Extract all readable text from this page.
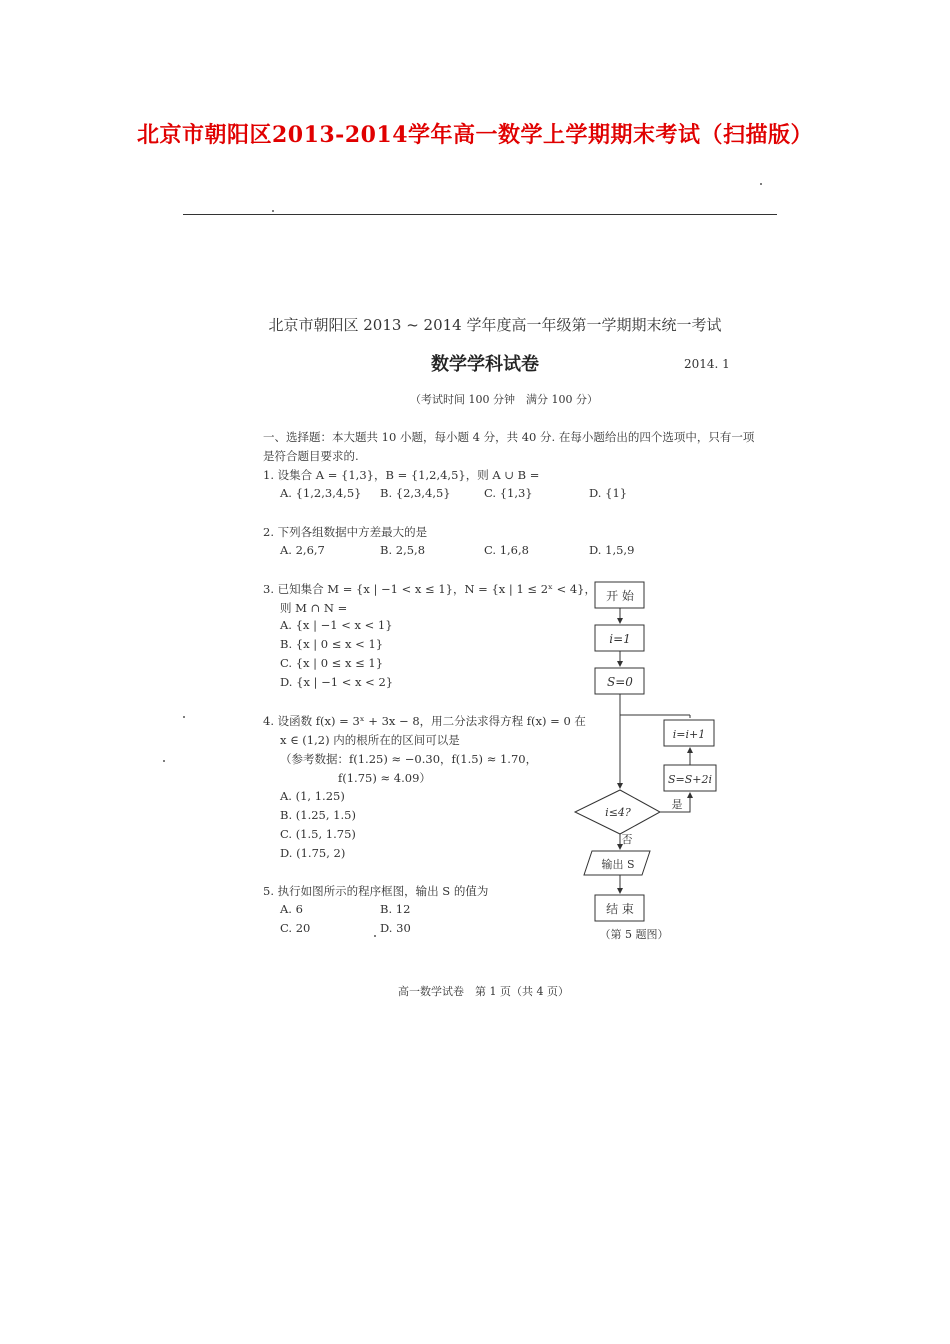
北京市朝阳区2013-2014学年高一数学上学期期末考试（扫描版）
北京市朝阳区 2013 ~ 2014 学年度高一年级第一学期期末统一考试
数学学科试卷	2014. 1
（考试时间 100 分钟　满分 100 分）
一、选择题：本大题共 10 小题，每小题 4 分，共 40 分. 在每小题给出的四个选项中，只有一项
是符合题目要求的.
1. 设集合 A = {1,3}，B = {1,2,4,5}，则 A ∪ B =
A. {1,2,3,4,5} B. {2,3,4,5}	C. {1,3}	D. {1}
2. 下列各组数据中方差最大的是
A. 2,6,7	B. 2,5,8	C. 1,6,8	D. 1,5,9
3. 已知集合 M = {x | −1 < x ≤ 1}，N = {x | 1 ≤ 2ˣ < 4}，
则 M ∩ N =
A. {x | −1 < x < 1}
B. {x | 0 ≤ x < 1}
C. {x | 0 ≤ x ≤ 1}
D. {x | −1 < x < 2}
4. 设函数 f(x) = 3ˣ + 3x − 8，用二分法求得方程 f(x) = 0 在
x ∈ (1,2) 内的根所在的区间可以是
（参考数据：f(1.25) ≈ −0.30，f(1.5) ≈ 1.70，
f(1.75) ≈ 4.09）
A. (1, 1.25)
B. (1.25, 1.5)
C. (1.5, 1.75)
D. (1.75, 2)
5. 执行如图所示的程序框图，输出 S 的值为
A. 6	B. 12
C. 20	D. 30
开 始
i=1
S=0
i=i+1
S=S+2i
i≤4?
是
否
输出 S
结 束
（第 5 题图）
高一数学试卷　第 1 页（共 4 页）
